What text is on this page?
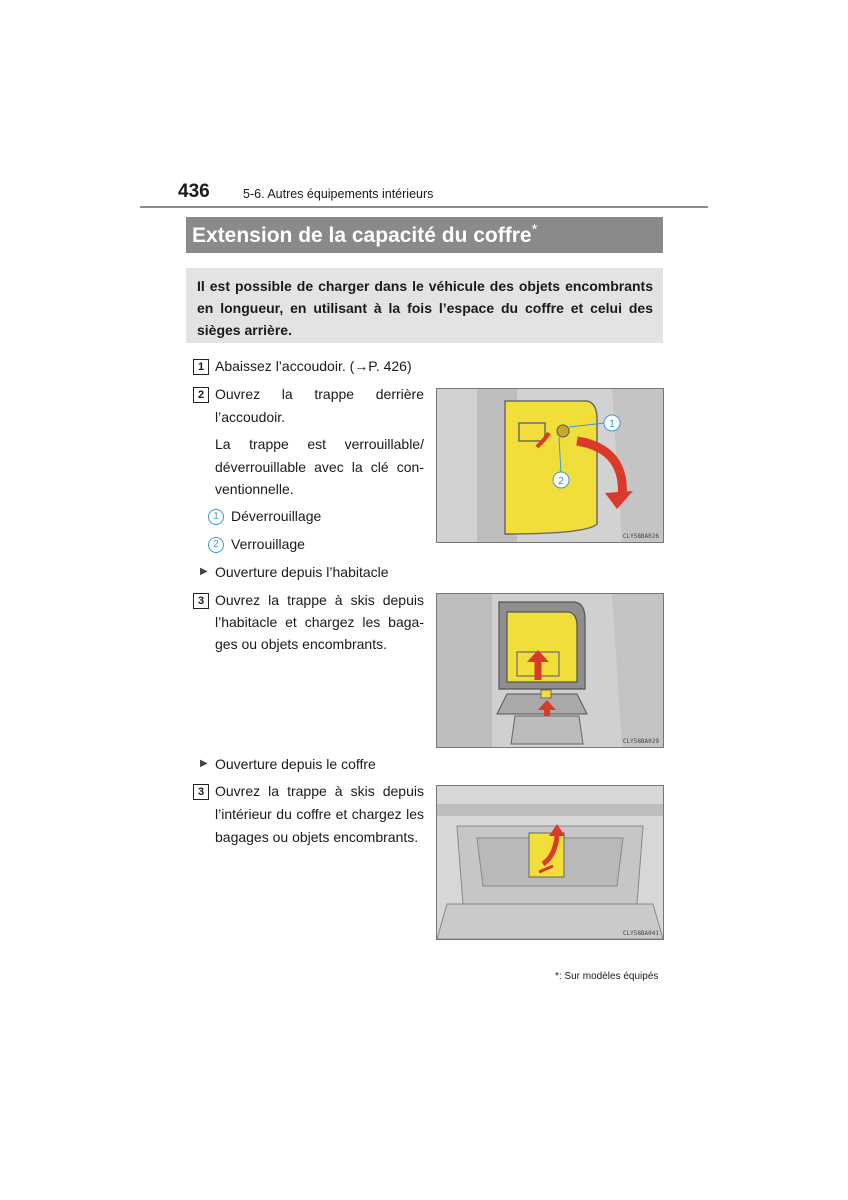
436	5-6. Autres équipements intérieurs
Extension de la capacité du coffre*
Il est possible de charger dans le véhicule des objets encombrants en longueur, en utilisant à la fois l’espace du coffre et celui des sièges arrière.
1 Abaissez l’accoudoir. (→P. 426)
2 Ouvrez la trappe derrière
l’accoudoir.
La trappe est verrouillable/
déverrouillable avec la clé con-
ventionnelle.
1 Déverrouillage
2 Verrouillage
▶ Ouverture depuis l’habitacle
3 Ouvrez la trappe à skis depuis
l’habitacle et chargez les baga-
ges ou objets encombrants.
▶ Ouverture depuis le coffre
3 Ouvrez la trappe à skis depuis
l’intérieur du coffre et chargez les
bagages ou objets encombrants.
1
2
CLY58BA026
CLY58BA029
CLY58BA041
*: Sur modèles équipés
